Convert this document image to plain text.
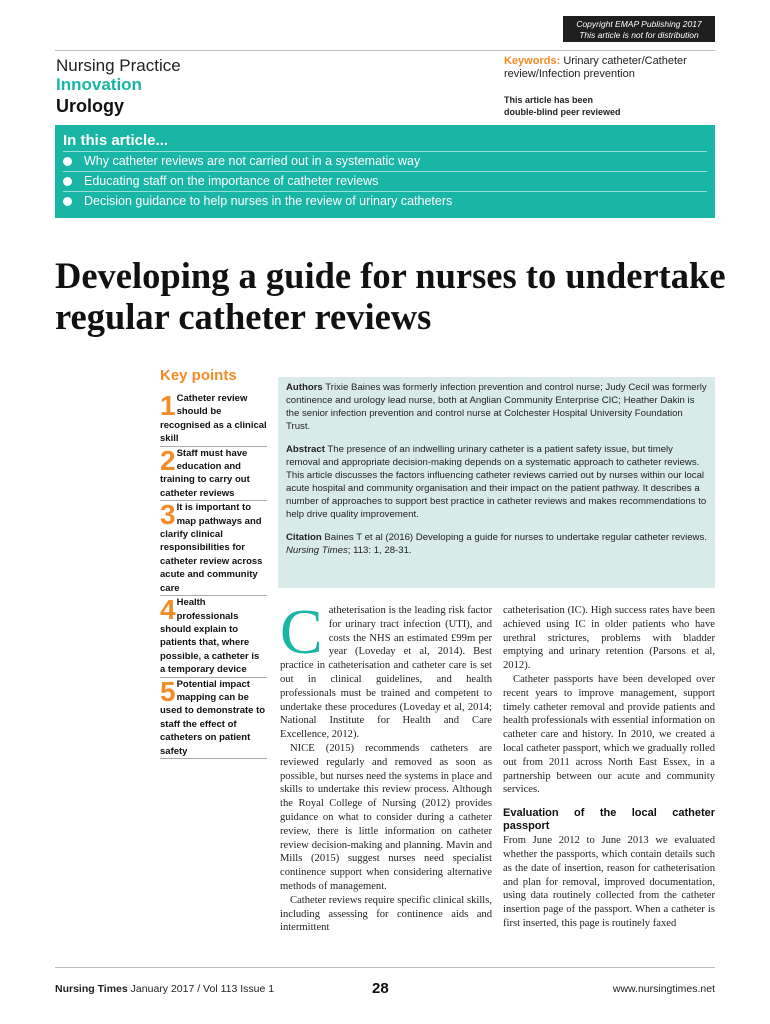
Copyright EMAP Publishing 2017
This article is not for distribution
Nursing Practice
Innovation
Urology
Keywords: Urinary catheter/Catheter review/Infection prevention
This article has been
double-blind peer reviewed
In this article...
Why catheter reviews are not carried out in a systematic way
Educating staff on the importance of catheter reviews
Decision guidance to help nurses in the review of urinary catheters
Developing a guide for nurses to undertake regular catheter reviews
Key points
1 Catheter review should be recognised as a clinical skill
2 Staff must have education and training to carry out catheter reviews
3 It is important to map pathways and clarify clinical responsibilities for catheter review across acute and community care
4 Health professionals should explain to patients that, where possible, a catheter is a temporary device
5 Potential impact mapping can be used to demonstrate to staff the effect of catheters on patient safety

Authors Trixie Baines was formerly infection prevention and control nurse; Judy Cecil was formerly continence and urology lead nurse, both at Anglian Community Enterprise CIC; Heather Dakin is the senior infection prevention and control nurse at Colchester Hospital University Foundation Trust.

Abstract The presence of an indwelling urinary catheter is a patient safety issue, but timely removal and appropriate decision-making depends on a systematic approach to catheter reviews. This article discusses the factors influencing catheter reviews carried out by nurses within our local acute hospital and community organisation and their impact on the patient pathway. It describes a number of approaches to support best practice in catheter reviews and makes recommendations to help drive quality improvement.

Citation Baines T et al (2016) Developing a guide for nurses to undertake regular catheter reviews. Nursing Times; 113: 1, 28-31.

Catheterisation is the leading risk factor for urinary tract infection (UTI), and costs the NHS an estimated £99m per year (Loveday et al, 2014). Best practice in catheterisation and catheter care is set out in clinical guidelines, and health professionals must be trained and competent to undertake these procedures (Loveday et al, 2014; National Institute for Health and Care Excellence, 2012).

NICE (2015) recommends catheters are reviewed regularly and removed as soon as possible, but nurses need the systems in place and skills to undertake this review process. Although the Royal College of Nursing (2012) provides guidance on what to consider during a catheter review, there is little information on catheter review decision-making and planning. Mavin and Mills (2015) suggest nurses need specialist continence support when considering alternative methods of management.

Catheter reviews require specific clinical skills, including assessing for continence aids and intermittent

catheterisation (IC). High success rates have been achieved using IC in older patients who have urethral strictures, problems with bladder emptying and urinary retention (Parsons et al, 2012).

Catheter passports have been developed over recent years to improve management, support timely catheter removal and provide patients and health professionals with essential information on catheter care and history. In 2010, we created a local catheter passport, which we gradually rolled out from 2011 across North East Essex, in a partnership between our acute and community services.

Evaluation of the local catheter passport

From June 2012 to June 2013 we evaluated whether the passports, which contain details such as the date of insertion, reason for catheterisation and plan for removal, improved documentation, using data routinely collected from the catheter insertion page of the passport. When a catheter is first inserted, this page is routinely faxed

Nursing Times January 2017 / Vol 113 Issue 1	28	www.nursingtimes.net
